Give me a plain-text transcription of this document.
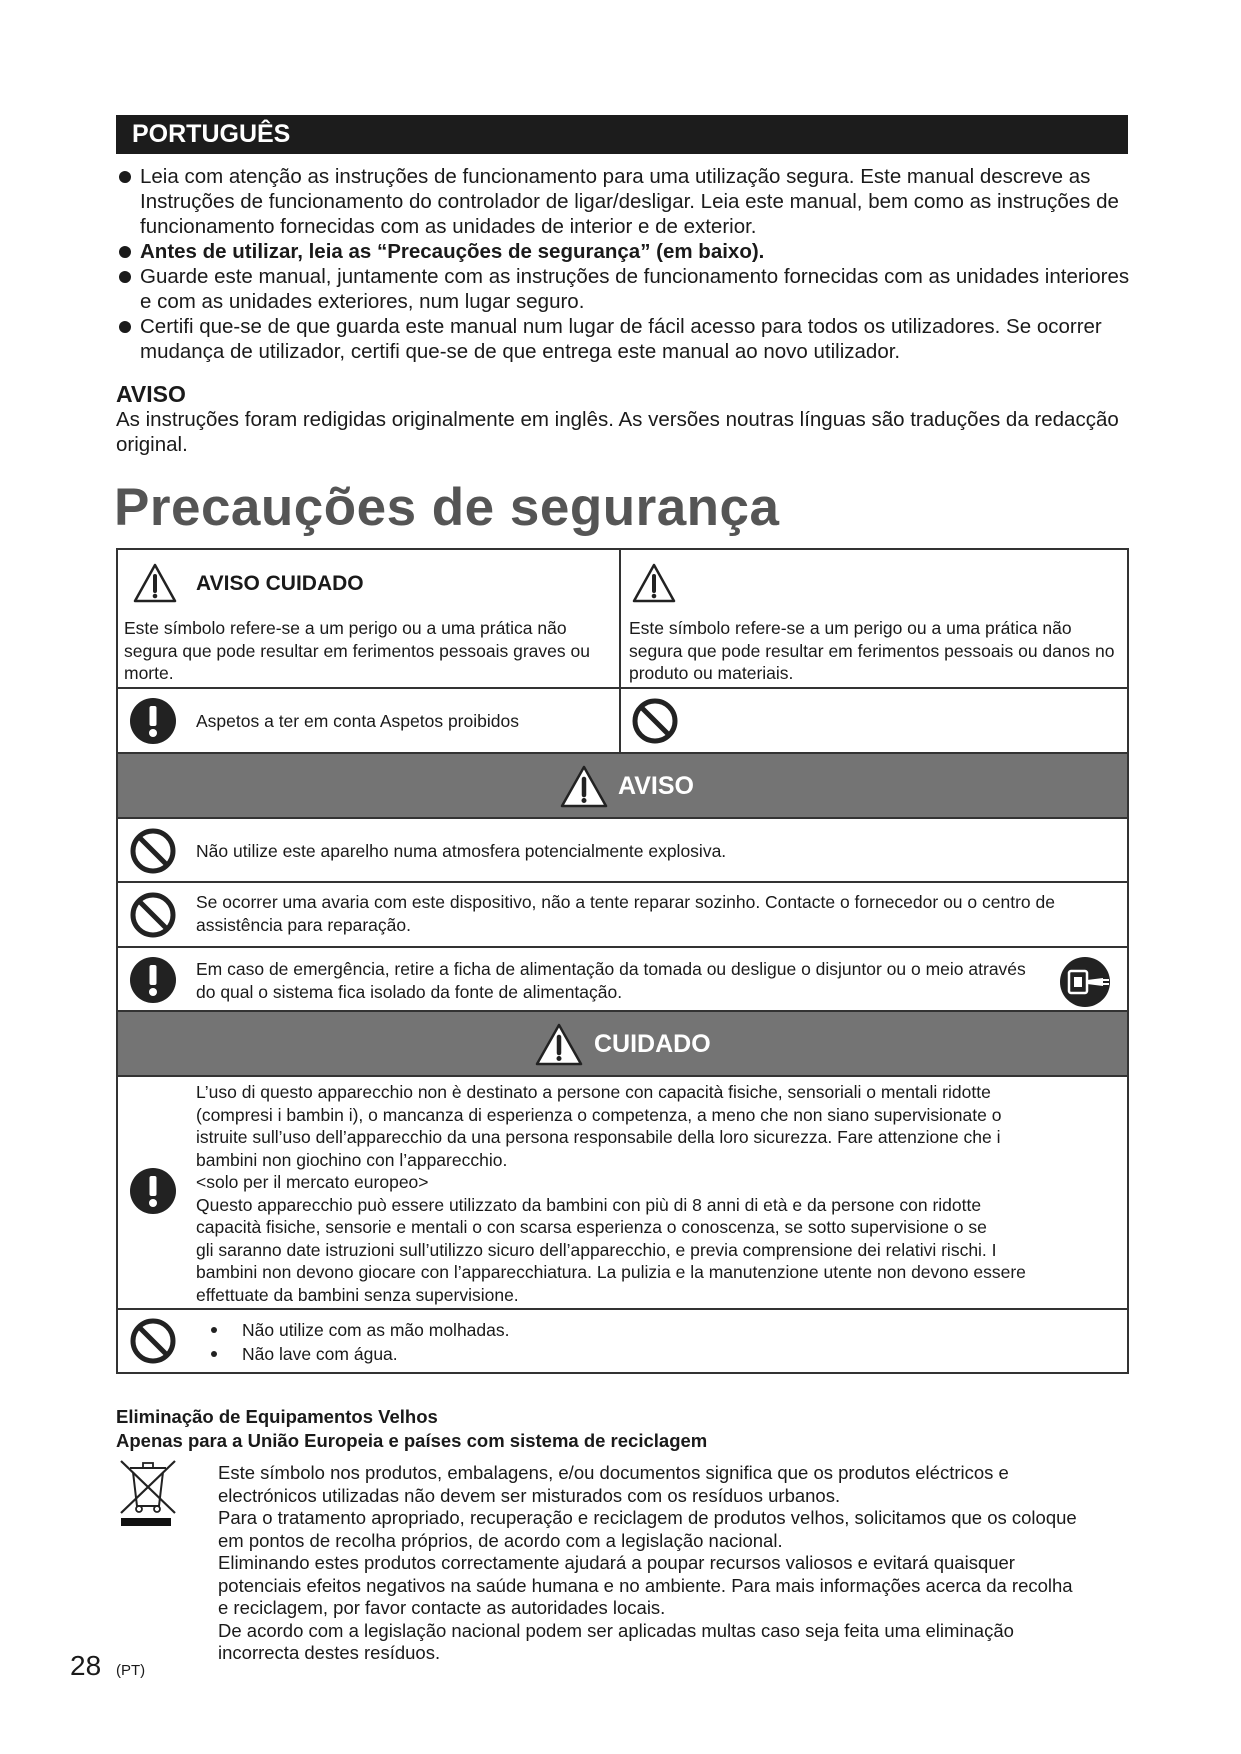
PORTUGUÊS
Leia com atenção as instruções de funcionamento para uma utilização segura. Este manual descreve as Instruções de funcionamento do controlador de ligar/desligar. Leia este manual, bem como as instruções de funcionamento fornecidas com as unidades de interior e de exterior.
Antes de utilizar, leia as “Precauções de segurança” (em baixo).
Guarde este manual, juntamente com as instruções de funcionamento fornecidas com as unidades interiores e com as unidades exteriores, num lugar seguro.
Certifi que-se de que guarda este manual num lugar de fácil acesso para todos os utilizadores. Se ocorrer mudança de utilizador, certifi que-se de que entrega este manual ao novo utilizador.
AVISO
As instruções foram redigidas originalmente em inglês. As versões noutras línguas são traduções da redacção original.
Precauções de segurança
AVISO CUIDADO
Este símbolo refere-se a um perigo ou a uma prática não segura que pode resultar em ferimentos pessoais graves ou morte.
Este símbolo refere-se a um perigo ou a uma prática não segura que pode resultar em ferimentos pessoais ou danos no produto ou materiais.
Aspetos a ter em conta Aspetos proibidos
AVISO
Não utilize este aparelho numa atmosfera potencialmente explosiva.
Se ocorrer uma avaria com este dispositivo, não a tente reparar sozinho. Contacte o fornecedor ou o centro de assistência para reparação.
Em caso de emergência, retire a ficha de alimentação da tomada ou desligue o disjuntor ou o meio através do qual o sistema fica isolado da fonte de alimentação.
CUIDADO
L’uso di questo apparecchio non è destinato a persone con capacità fisiche, sensoriali o mentali ridotte
(compresi i bambin i), o mancanza di esperienza o competenza, a meno che non siano supervisionate o
istruite sull’uso dell’apparecchio da una persona responsabile della loro sicurezza. Fare attenzione che i
bambini non giochino con l’apparecchio.
<solo per il mercato europeo>
Questo apparecchio può essere utilizzato da bambini con più di 8 anni di età e da persone con ridotte
capacità fisiche, sensorie e mentali o con scarsa esperienza o conoscenza, se sotto supervisione o se
gli saranno date istruzioni sull’utilizzo sicuro dell’apparecchio, e previa comprensione dei relativi rischi. I
bambini non devono giocare con l’apparecchiatura. La pulizia e la manutenzione utente non devono essere
effettuate da bambini senza supervisione.
Não utilize com as mão molhadas.
Não lave com água.
Eliminação de Equipamentos Velhos
Apenas para a União Europeia e países com sistema de reciclagem
Este símbolo nos produtos, embalagens, e/ou documentos significa que os produtos eléctricos e
electrónicos utilizadas não devem ser misturados com os resíduos urbanos.
Para o tratamento apropriado, recuperação e reciclagem de produtos velhos, solicitamos que os coloque
em pontos de recolha próprios, de acordo com a legislação nacional.
Eliminando estes produtos correctamente ajudará a poupar recursos valiosos e evitará quaisquer
potenciais efeitos negativos na saúde humana e no ambiente. Para mais informações acerca da recolha
e reciclagem, por favor contacte as autoridades locais.
De acordo com a legislação nacional podem ser aplicadas multas caso seja feita uma eliminação
incorrecta destes resíduos.
28 (PT)
